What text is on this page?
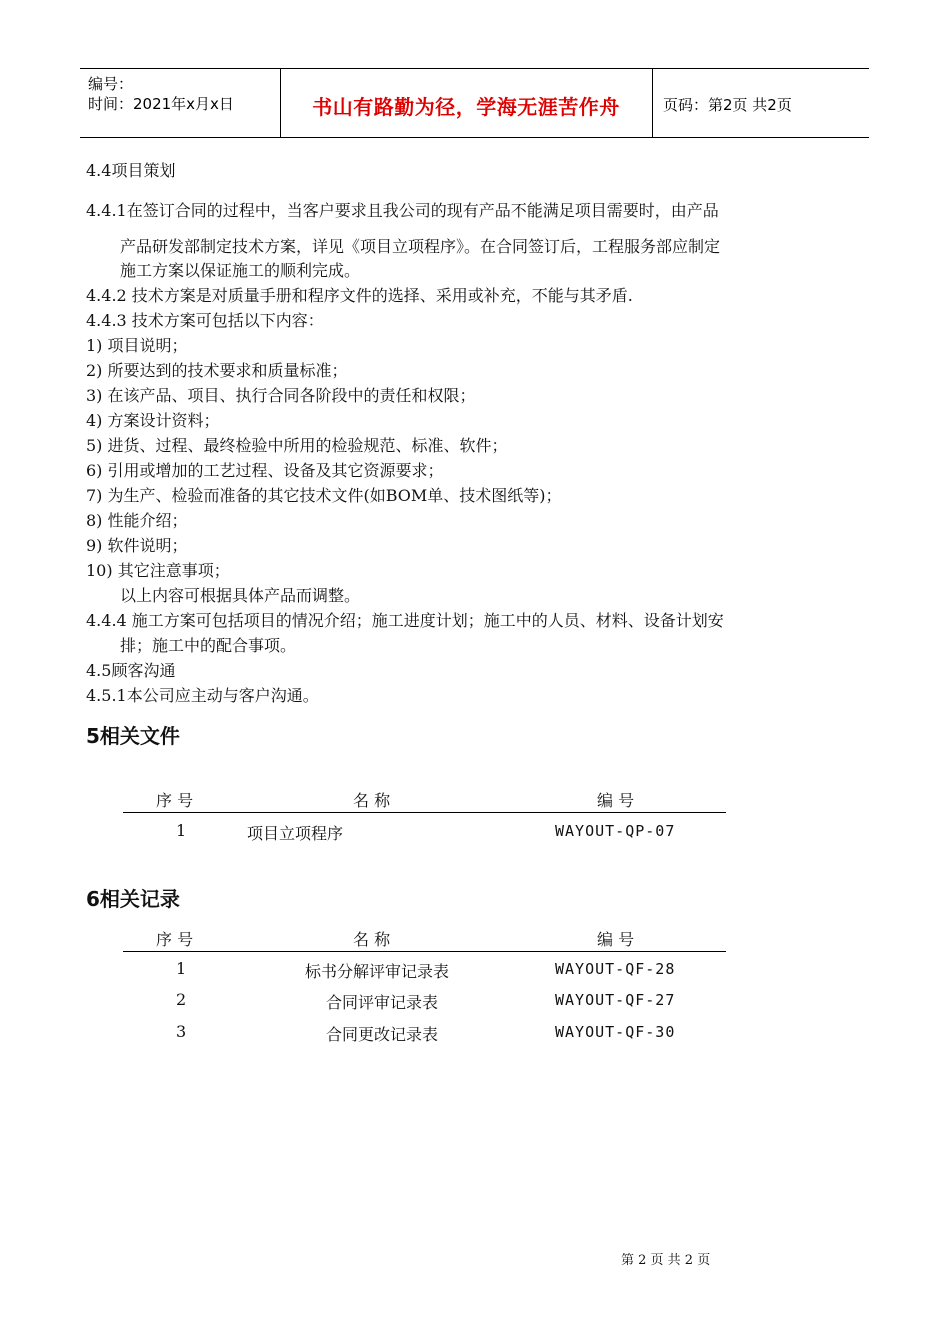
编号：
时间：2021年x月x日	书山有路勤为径，学海无涯苦作舟	页码：第2页 共2页
4.4项目策划
4.4.1在签订合同的过程中，当客户要求且我公司的现有产品不能满足项目需要时，由产品
产品研发部制定技术方案，详见《项目立项程序》。在合同签订后，工程服务部应制定
施工方案以保证施工的顺利完成。
4.4.2 技术方案是对质量手册和程序文件的选择、采用或补充，不能与其矛盾.
4.4.3 技术方案可包括以下内容：
1) 项目说明；
2) 所要达到的技术要求和质量标准；
3) 在该产品、项目、执行合同各阶段中的责任和权限；
4) 方案设计资料；
5) 进货、过程、最终检验中所用的检验规范、标准、软件；
6) 引用或增加的工艺过程、设备及其它资源要求；
7) 为生产、检验而准备的其它技术文件(如BOM单、技术图纸等)；
8) 性能介绍；
9) 软件说明；
10) 其它注意事项；
以上内容可根据具体产品而调整。
4.4.4 施工方案可包括项目的情况介绍；施工进度计划；施工中的人员、材料、设备计划安
排；施工中的配合事项。
4.5顾客沟通
4.5.1本公司应主动与客户沟通。
5相关文件
序 号	名 称	编 号
1	项目立项程序	WAYOUT-QP-07
6相关记录
序 号	名 称	编 号
1	标书分解评审记录表	WAYOUT-QF-28
2	合同评审记录表	WAYOUT-QF-27
3	合同更改记录表	WAYOUT-QF-30
第 2 页 共 2 页
